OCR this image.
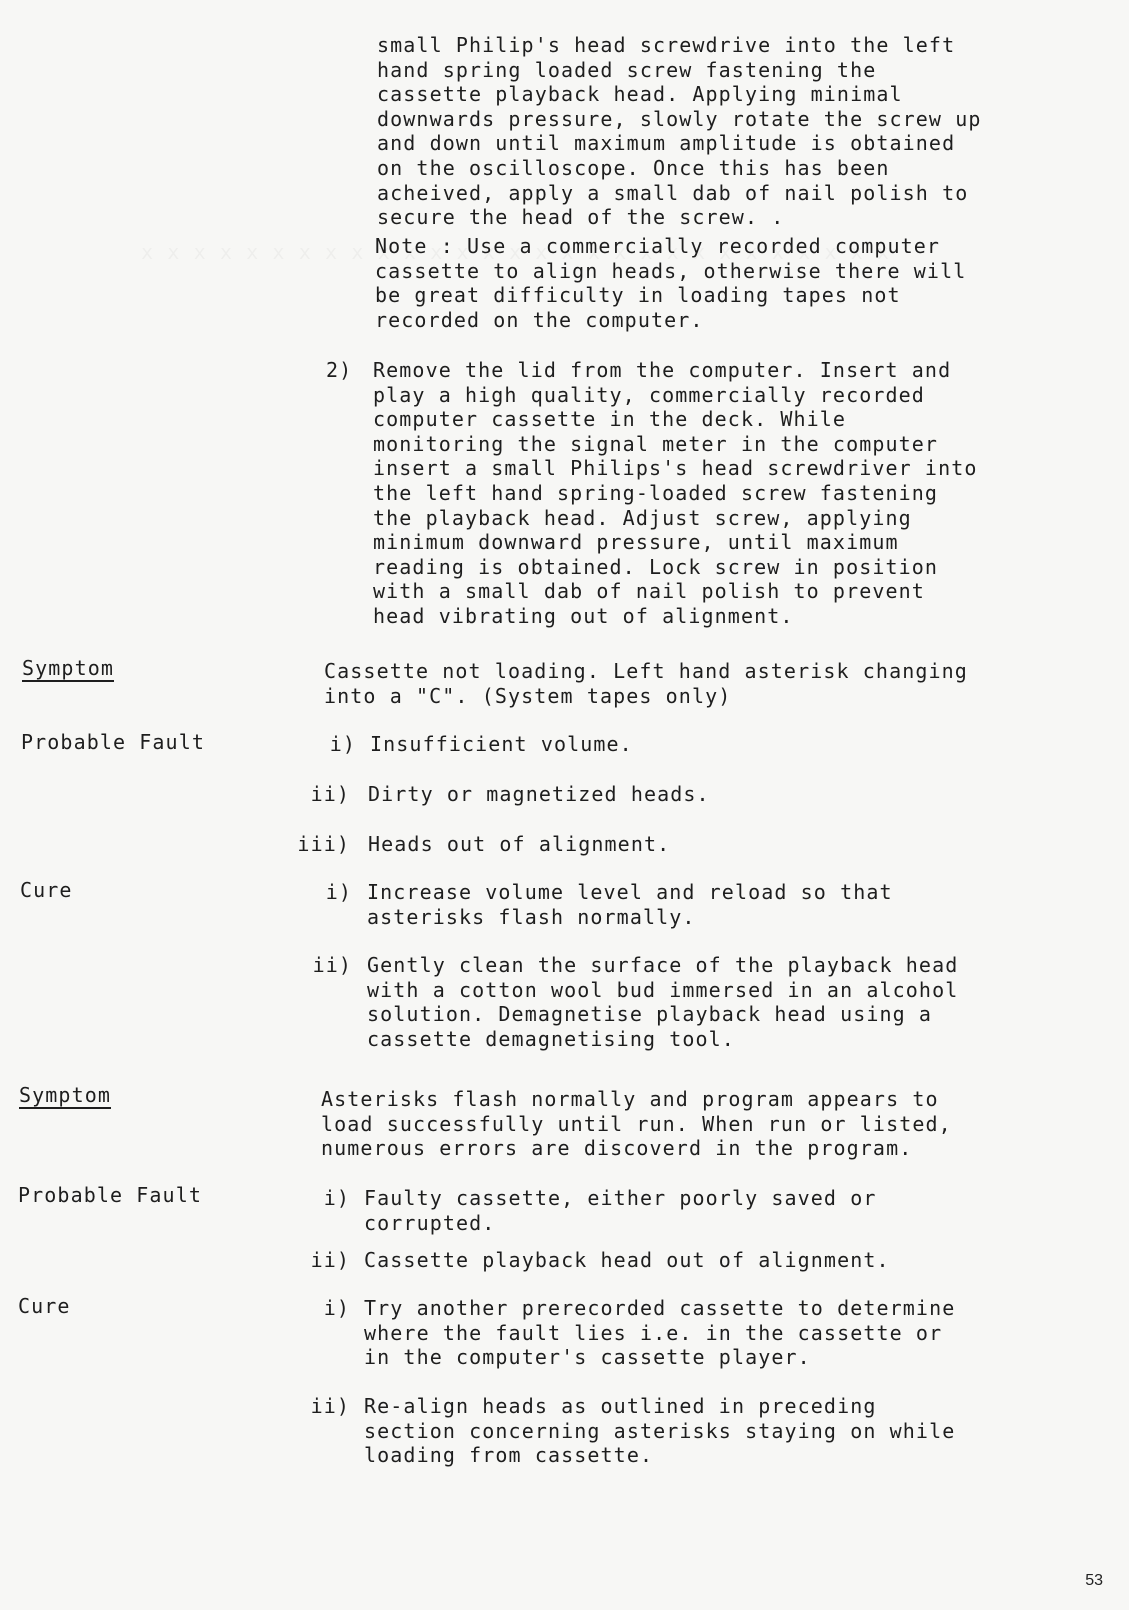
small Philip's head screwdrive into the left
hand spring loaded screw fastening the
cassette playback head. Applying minimal
downwards pressure, slowly rotate the screw up
and down until maximum amplitude is obtained
on the oscilloscope. Once this has been
acheived, apply a small dab of nail polish to
secure the head of the screw. .
Note : Use a commercially recorded computer
cassette to align heads, otherwise there will
be great difficulty in loading tapes not
recorded on the computer.
2) Remove the lid from the computer. Insert and
play a high quality, commercially recorded
computer cassette in the deck. While
monitoring the signal meter in the computer
insert a small Philips's head screwdriver into
the left hand spring-loaded screw fastening
the playback head. Adjust screw, applying
minimum downward pressure, until maximum
reading is obtained. Lock screw in position
with a small dab of nail polish to prevent
head vibrating out of alignment.
Symptom	Cassette not loading. Left hand asterisk changing
into a "C". (System tapes only)
Probable Fault	i) Insufficient volume.
ii) Dirty or magnetized heads.
iii) Heads out of alignment.
Cure	i) Increase volume level and reload so that
asterisks flash normally.
ii) Gently clean the surface of the playback head
with a cotton wool bud immersed in an alcohol
solution. Demagnetise playback head using a
cassette demagnetising tool.
Symptom	Asterisks flash normally and program appears to
load successfully until run. When run or listed,
numerous errors are discoverd in the program.
Probable Fault	i) Faulty cassette, either poorly saved or
corrupted.
ii) Cassette playback head out of alignment.
Cure	i) Try another prerecorded cassette to determine
where the fault lies i.e. in the cassette or
in the computer's cassette player.
ii) Re-align heads as outlined in preceding
section concerning asterisks staying on while
loading from cassette.
53
